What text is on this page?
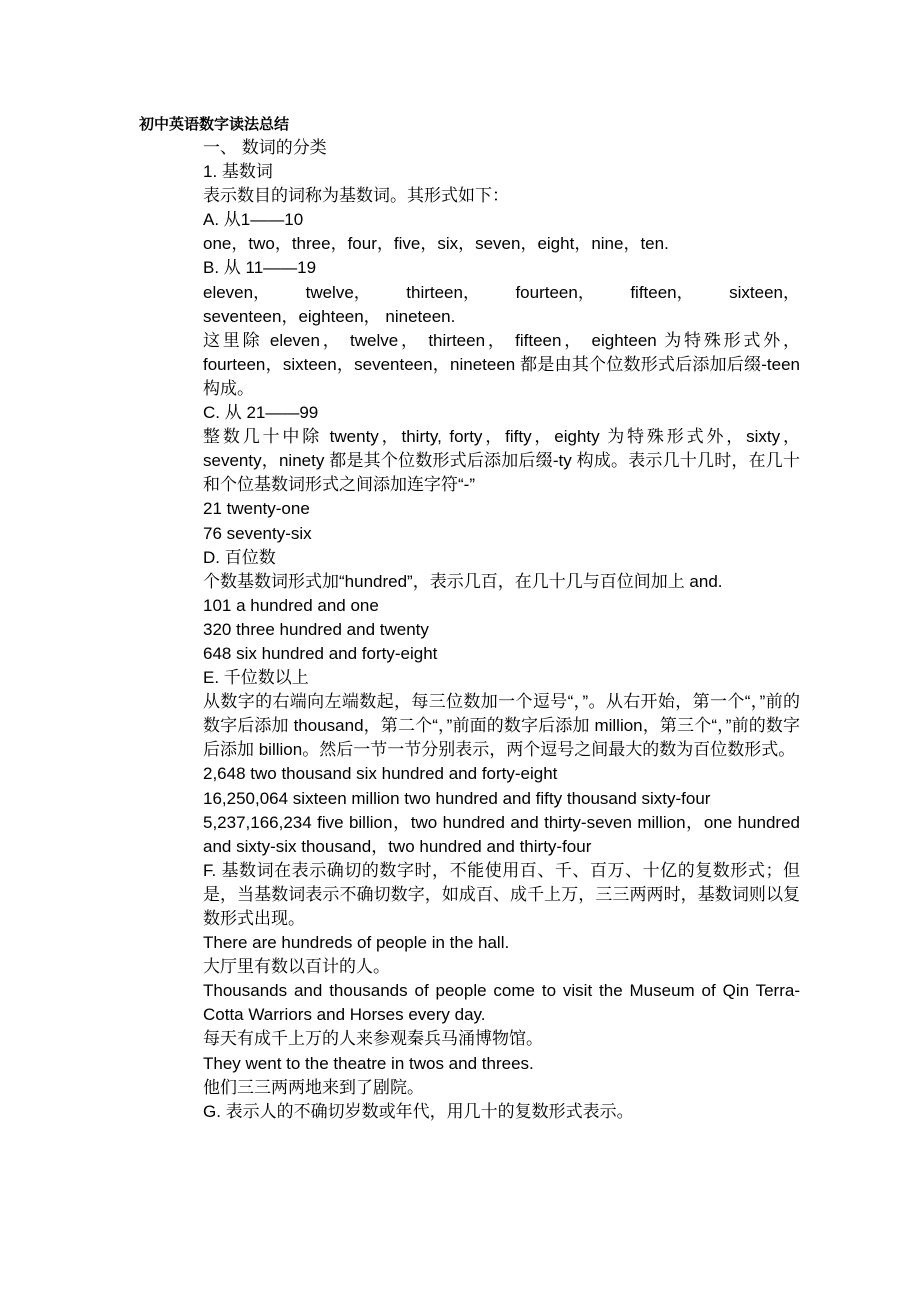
初中英语数字读法总结

一、 数词的分类

1. 基数词

表示数目的词称为基数词。其形式如下：

A. 从1——10

one，two，three，four，five，six，seven，eight，nine，ten.

B. 从 11——19

eleven， twelve， thirteen， fourteen， fifteen， sixteen，

seventeen，eighteen， nineteen.

这里除 eleven， twelve， thirteen， fifteen， eighteen 为特殊形式外，fourteen，sixteen，seventeen，nineteen 都是由其个位数形式后添加后缀-teen 构成。

C. 从 21——99

整数几十中除 twenty，thirty, forty，fifty，eighty 为特殊形式外，sixty，seventy，ninety 都是其个位数形式后添加后缀-ty 构成。表示几十几时，在几十和个位基数词形式之间添加连字符“-”

21 twenty-one

76 seventy-six

D. 百位数

个数基数词形式加“hundred”，表示几百，在几十几与百位间加上 and.

101 a hundred and one

320 three hundred and twenty

648 six hundred and forty-eight

E. 千位数以上

从数字的右端向左端数起，每三位数加一个逗号“，”。从右开始，第一个“，”前的数字后添加 thousand，第二个“，”前面的数字后添加 million，第三个“，”前的数字后添加 billion。然后一节一节分别表示，两个逗号之间最大的数为百位数形式。

2,648 two thousand six hundred and forty-eight

16,250,064 sixteen million two hundred and fifty thousand sixty-four

5,237,166,234 five billion，two hundred and thirty-seven million，one hundred and sixty-six thousand，two hundred and thirty-four

F. 基数词在表示确切的数字时，不能使用百、千、百万、十亿的复数形式；但是，当基数词表示不确切数字，如成百、成千上万，三三两两时，基数词则以复数形式出现。

There are hundreds of people in the hall.

大厅里有数以百计的人。

Thousands and thousands of people come to visit the Museum of Qin Terra-Cotta Warriors and Horses every day.

每天有成千上万的人来参观秦兵马涌博物馆。

They went to the theatre in twos and threes.

他们三三两两地来到了剧院。

G. 表示人的不确切岁数或年代，用几十的复数形式表示。
